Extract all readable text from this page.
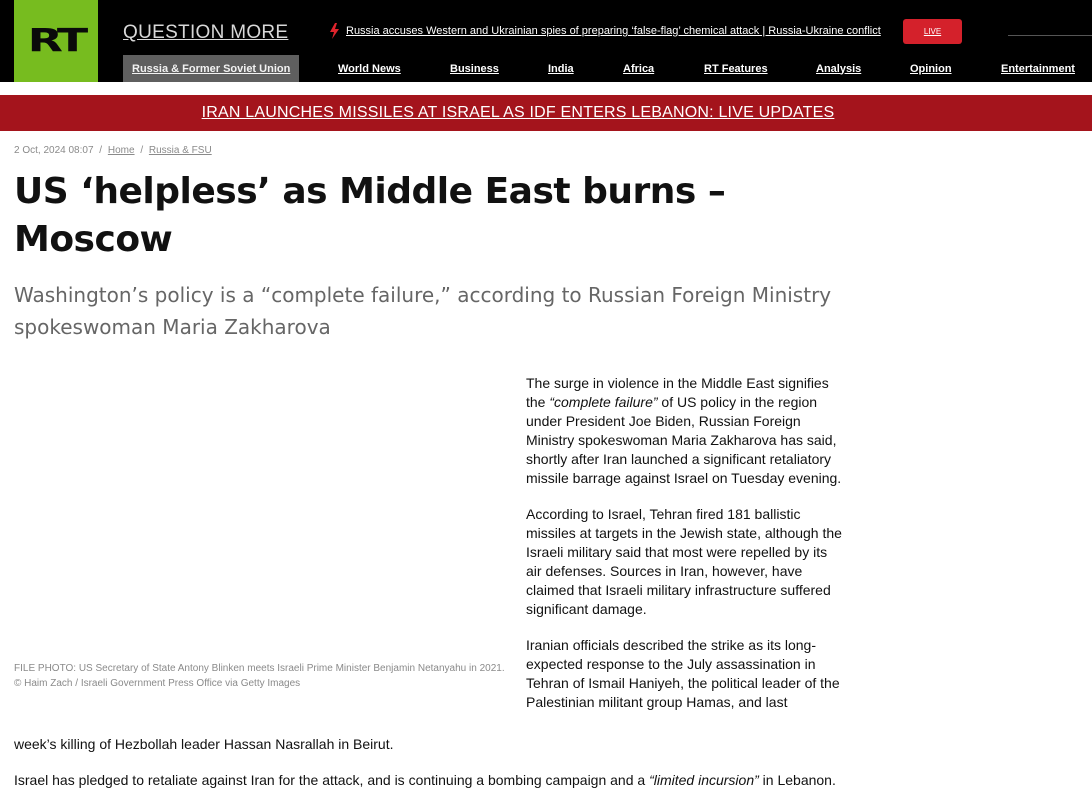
RT QUESTION MORE	Russia accuses Western and Ukrainian spies of preparing ‘false-flag’ chemical attack | Russia-Ukraine conflict	LIVE
Russia & Former Soviet Union	World News	Business	India	Africa	RT Features	Analysis	Opinion	Entertainment
IRAN LAUNCHES MISSILES AT ISRAEL AS IDF ENTERS LEBANON: LIVE UPDATES
2 Oct, 2024 08:07 / Home / Russia & FSU
US ‘helpless’ as Middle East burns – Moscow

Washington’s policy is a “complete failure,” according to Russian Foreign Ministry spokeswoman Maria Zakharova

FILE PHOTO: US Secretary of State Antony Blinken meets Israeli Prime Minister Benjamin Netanyahu in 2021. © Haim Zach / Israeli Government Press Office via Getty Images

The surge in violence in the Middle East signifies the “complete failure” of US policy in the region under President Joe Biden, Russian Foreign Ministry spokeswoman Maria Zakharova has said, shortly after Iran launched a significant retaliatory missile barrage against Israel on Tuesday evening.

According to Israel, Tehran fired 181 ballistic missiles at targets in the Jewish state, although the Israeli military said that most were repelled by its air defenses. Sources in Iran, however, have claimed that Israeli military infrastructure suffered significant damage.

Iranian officials described the strike as its long-expected response to the July assassination in Tehran of Ismail Haniyeh, the political leader of the Palestinian militant group Hamas, and last

week’s killing of Hezbollah leader Hassan Nasrallah in Beirut.

Israel has pledged to retaliate against Iran for the attack, and is continuing a bombing campaign and a “limited incursion” in Lebanon.
